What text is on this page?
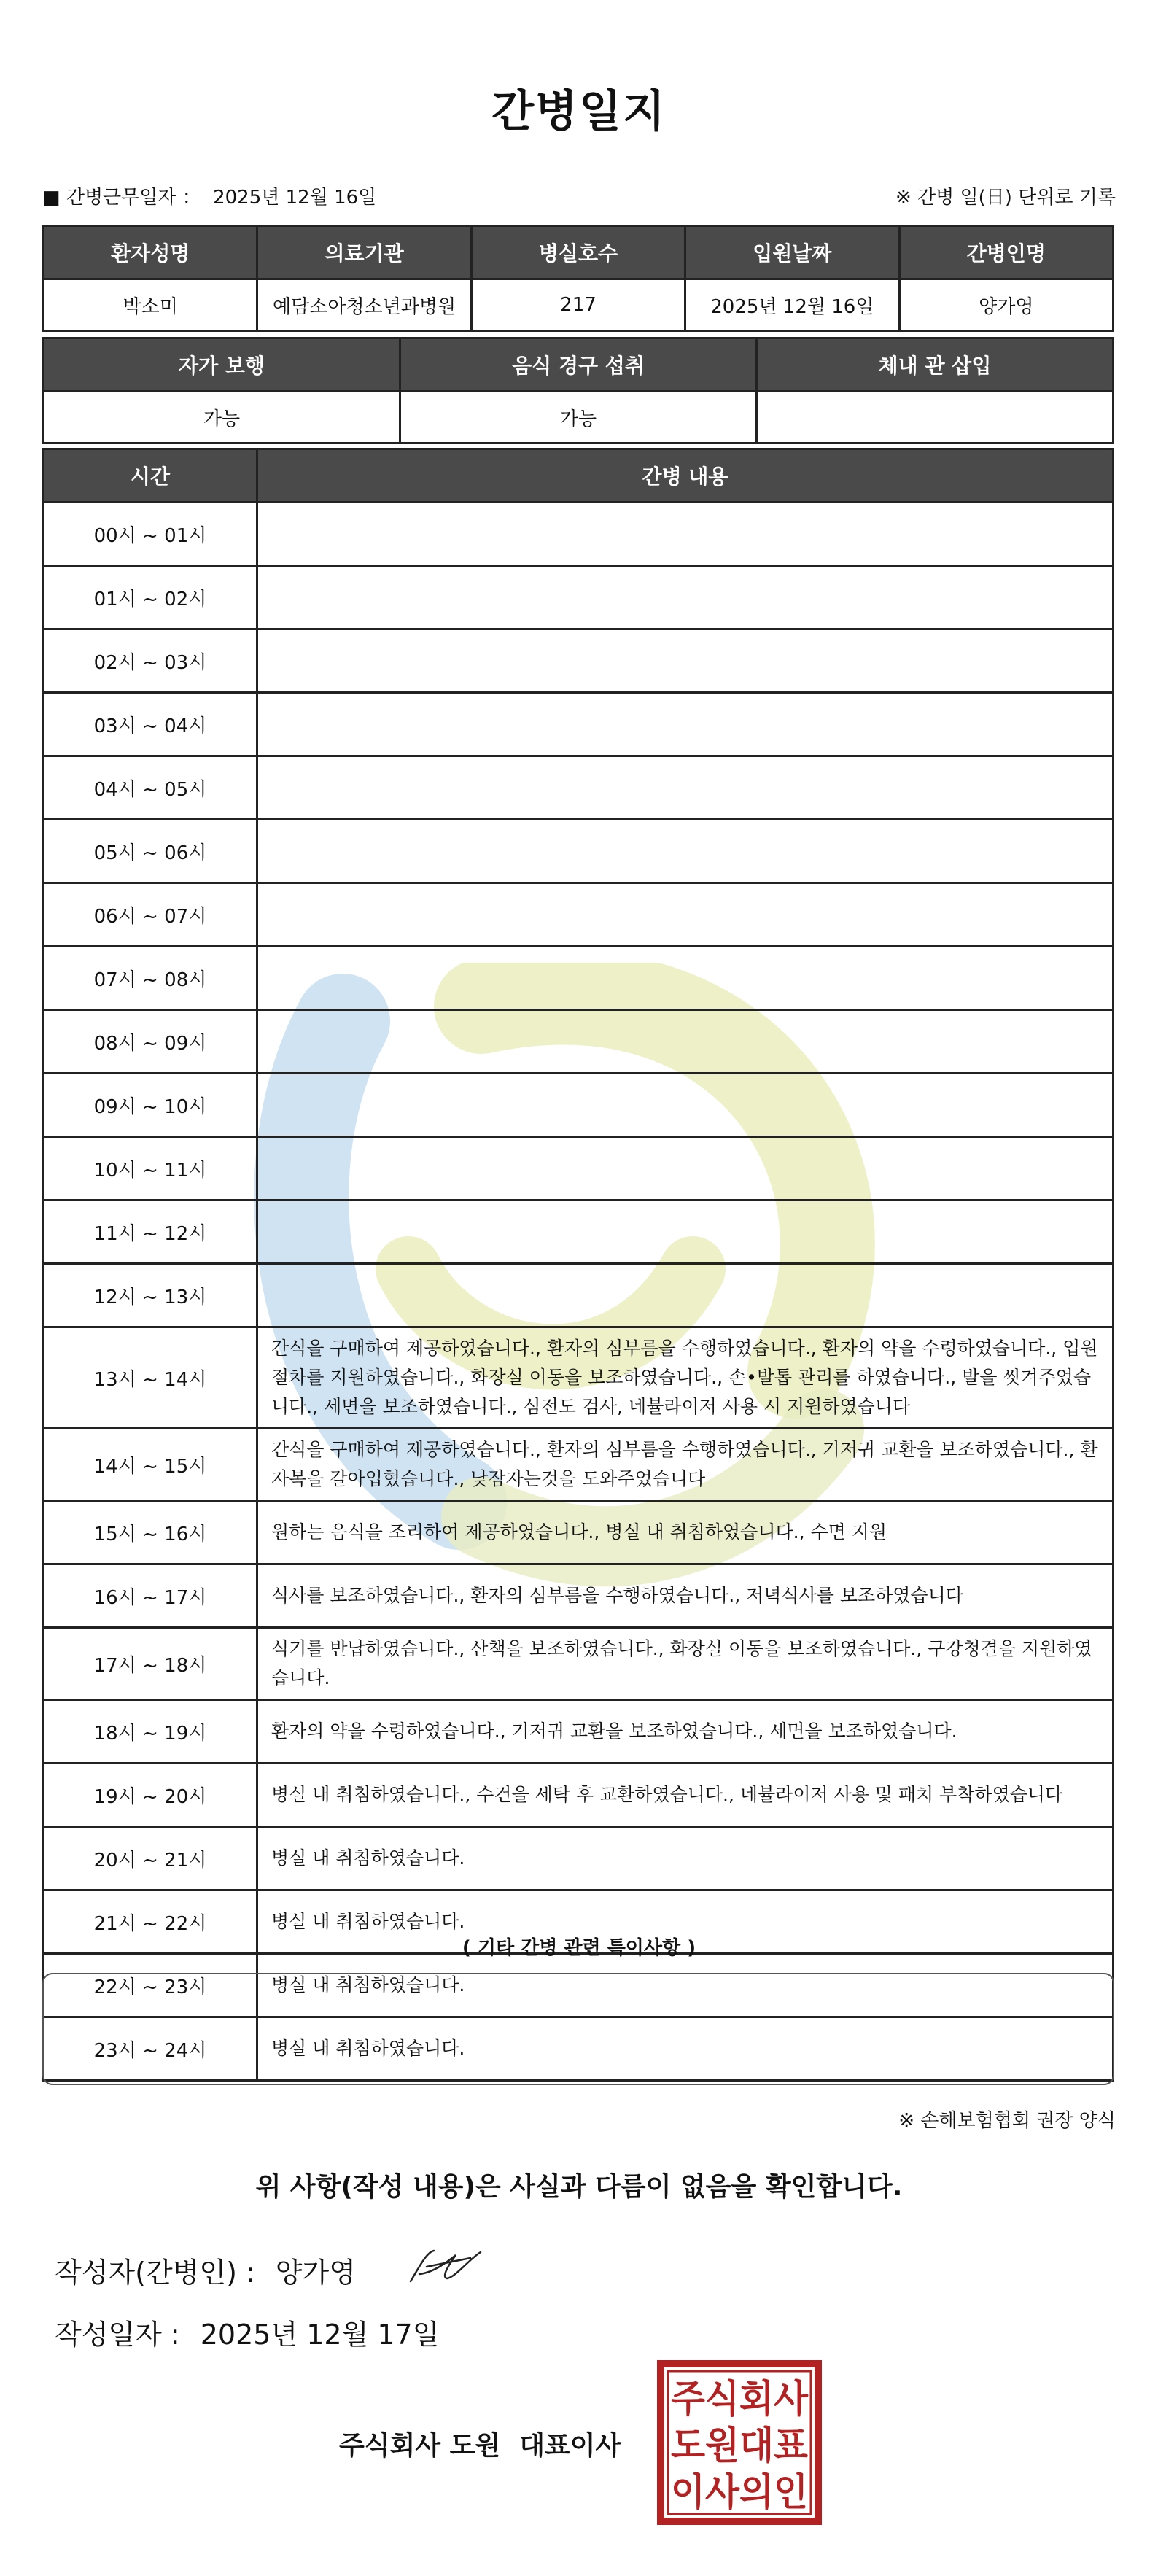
간병일지
■ 간병근무일자 ： 2025년 12월 16일	※ 간병 일(日) 단위로 기록
환자성명	의료기관	병실호수	입원날짜	간병인명
박소미	예담소아청소년과병원	217	2025년 12월 16일	양가영
자가 보행	음식 경구 섭취	체내 관 삽입
가능	가능	
시간	간병 내용
00시 ~ 01시	
01시 ~ 02시	
02시 ~ 03시	
03시 ~ 04시	
04시 ~ 05시	
05시 ~ 06시	
06시 ~ 07시	
07시 ~ 08시	
08시 ~ 09시	
09시 ~ 10시	
10시 ~ 11시	
11시 ~ 12시	
12시 ~ 13시	
13시 ~ 14시	간식을 구매하여 제공하였습니다., 환자의 심부름을 수행하였습니다., 환자의 약을 수령하였습니다., 입원절차를 지원하였습니다., 화장실 이동을 보조하였습니다., 손•발톱 관리를 하였습니다., 발을 씻겨주었습니다., 세면을 보조하였습니다., 심전도 검사, 네뷸라이저 사용 시 지원하였습니다
14시 ~ 15시	간식을 구매하여 제공하였습니다., 환자의 심부름을 수행하였습니다., 기저귀 교환을 보조하였습니다., 환자복을 갈아입혔습니다., 낮잠자는것을 도와주었습니다
15시 ~ 16시	원하는 음식을 조리하여 제공하였습니다., 병실 내 취침하였습니다., 수면 지원
16시 ~ 17시	식사를 보조하였습니다., 환자의 심부름을 수행하였습니다., 저녁식사를 보조하였습니다
17시 ~ 18시	식기를 반납하였습니다., 산책을 보조하였습니다., 화장실 이동을 보조하였습니다., 구강청결을 지원하였습니다.
18시 ~ 19시	환자의 약을 수령하였습니다., 기저귀 교환을 보조하였습니다., 세면을 보조하였습니다.
19시 ~ 20시	병실 내 취침하였습니다., 수건을 세탁 후 교환하였습니다., 네뷸라이저 사용 및 패치 부착하였습니다
20시 ~ 21시	병실 내 취침하였습니다.
21시 ~ 22시	병실 내 취침하였습니다.
22시 ~ 23시	병실 내 취침하였습니다.
23시 ~ 24시	병실 내 취침하였습니다.
( 기타 간병 관련 특이사항 )
※ 손해보험협회 권장 양식
위 사항(작성 내용)은 사실과 다름이 없음을 확인합니다.
작성자(간병인) : 양가영
작성일자 : 2025년 12월 17일
주식회사 도원 대표이사
주식회사
도원대표
이사의인
